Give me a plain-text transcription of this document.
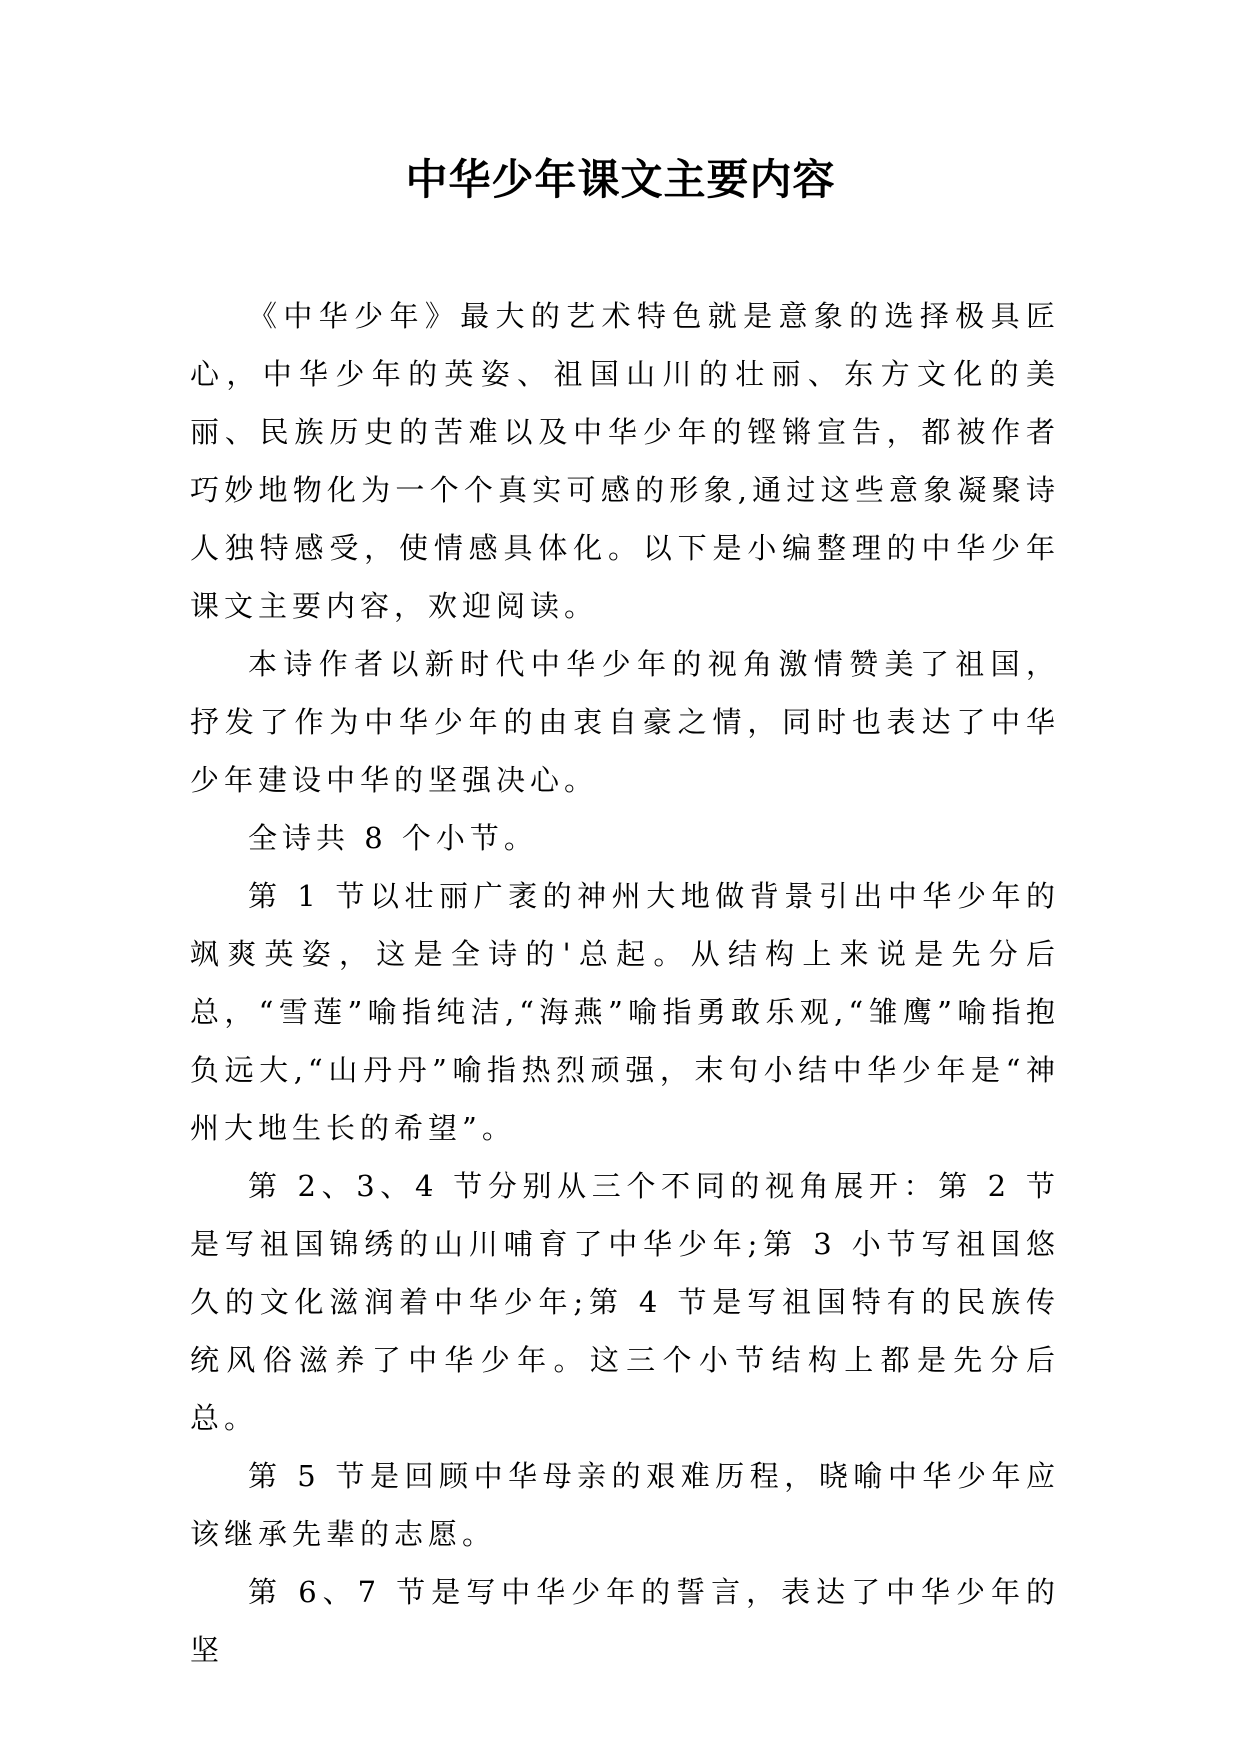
中华少年课文主要内容

《中华少年》最大的艺术特色就是意象的选择极具匠心，中华少年的英姿、祖国山川的壮丽、东方文化的美丽、民族历史的苦难以及中华少年的铿锵宣告，都被作者巧妙地物化为一个个真实可感的形象,通过这些意象凝聚诗人独特感受，使情感具体化。以下是小编整理的中华少年课文主要内容，欢迎阅读。

本诗作者以新时代中华少年的视角激情赞美了祖国，抒发了作为中华少年的由衷自豪之情，同时也表达了中华少年建设中华的坚强决心。

全诗共 8 个小节。

第 1 节以壮丽广袤的神州大地做背景引出中华少年的飒爽英姿，这是全诗的'总起。从结构上来说是先分后总，“雪莲”喻指纯洁,“海燕”喻指勇敢乐观,“雏鹰”喻指抱负远大,“山丹丹”喻指热烈顽强，末句小结中华少年是“神州大地生长的希望”。

第 2、3、4 节分别从三个不同的视角展开：第 2 节是写祖国锦绣的山川哺育了中华少年;第 3 小节写祖国悠久的文化滋润着中华少年;第 4 节是写祖国特有的民族传统风俗滋养了中华少年。这三个小节结构上都是先分后总。

第 5 节是回顾中华母亲的艰难历程，晓喻中华少年应该继承先辈的志愿。

第 6、7 节是写中华少年的誓言，表达了中华少年的坚
